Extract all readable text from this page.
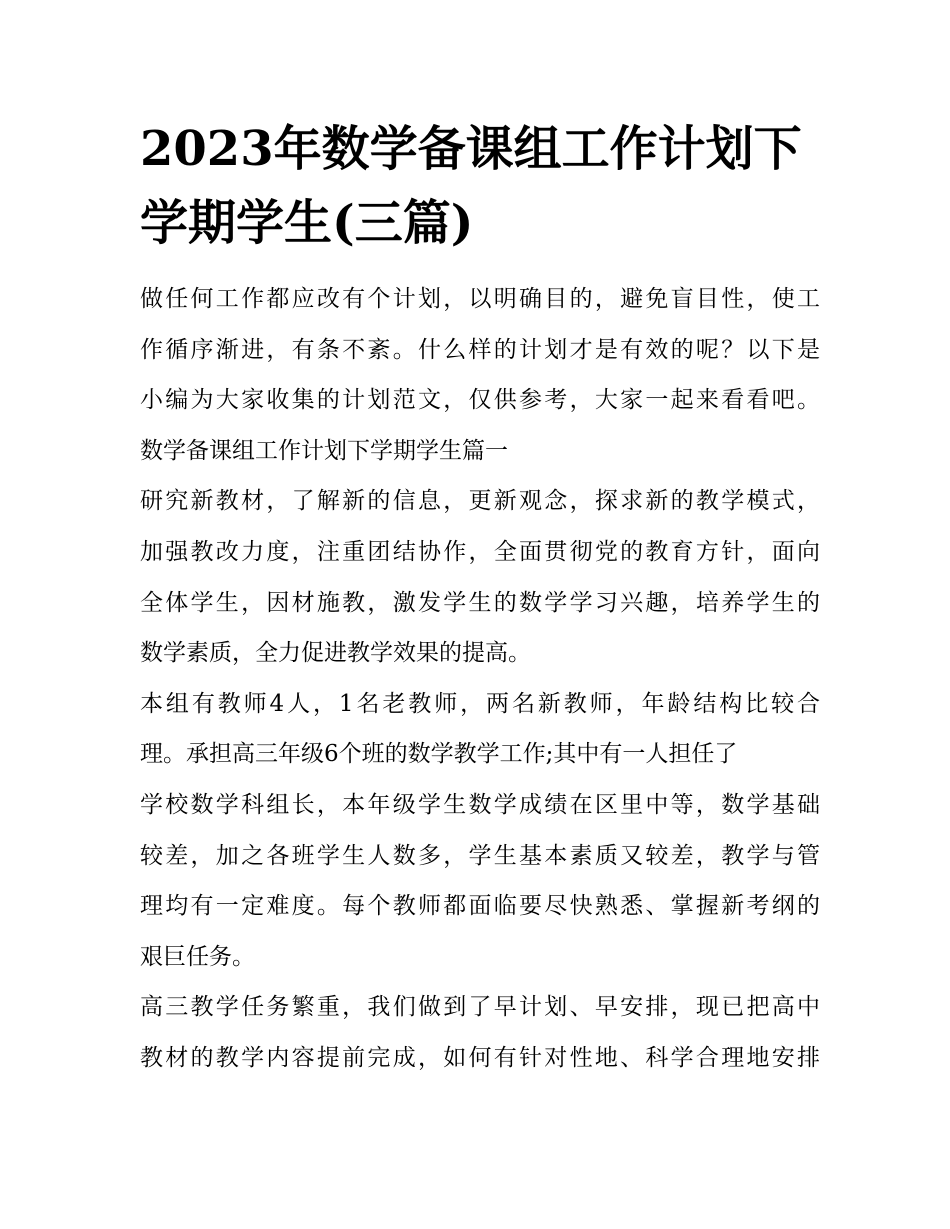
2023年数学备课组工作计划下
学期学生(三篇)

做任何工作都应改有个计划，以明确目的，避免盲目性，使工

作循序渐进，有条不紊。什么样的计划才是有效的呢？以下是

小编为大家收集的计划范文，仅供参考，大家一起来看看吧。

数学备课组工作计划下学期学生篇一

研究新教材，了解新的信息，更新观念，探求新的教学模式，

加强教改力度，注重团结协作，全面贯彻党的教育方针，面向

全体学生，因材施教，激发学生的数学学习兴趣，培养学生的

数学素质，全力促进教学效果的提高。

本组有教师4人，1名老教师，两名新教师，年龄结构比较合

理。承担高三年级6个班的数学教学工作;其中有一人担任了

学校数学科组长，本年级学生数学成绩在区里中等，数学基础

较差，加之各班学生人数多，学生基本素质又较差，教学与管

理均有一定难度。每个教师都面临要尽快熟悉、掌握新考纲的

艰巨任务。

高三教学任务繁重，我们做到了早计划、早安排，现已把高中

教材的教学内容提前完成，如何有针对性地、科学合理地安排
